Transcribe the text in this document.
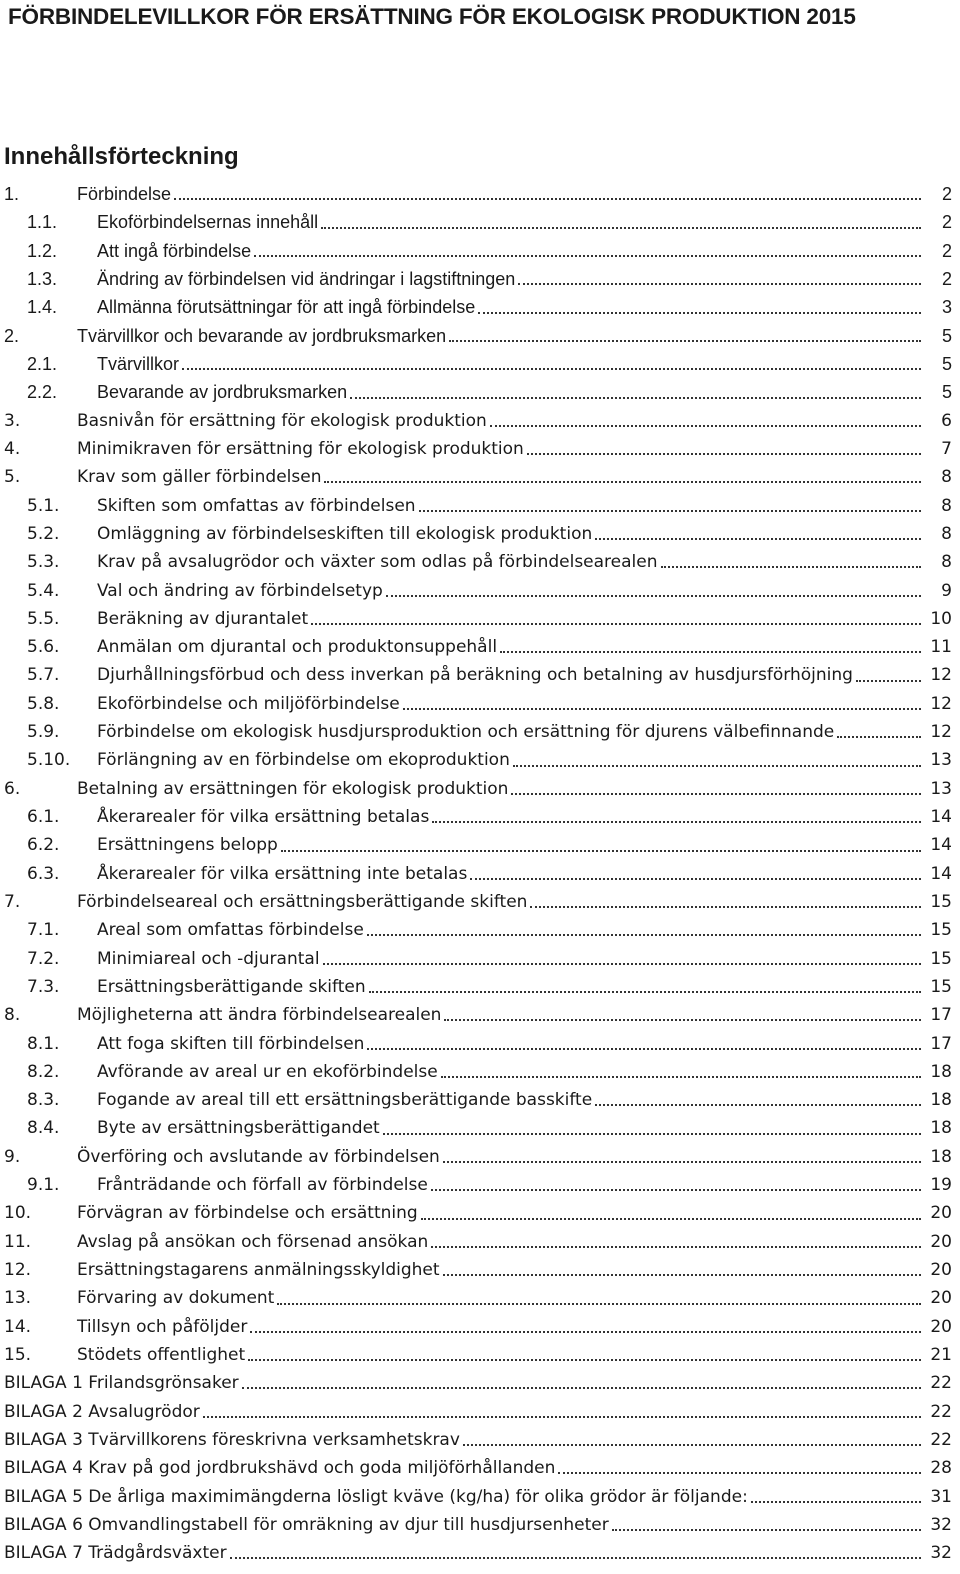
FÖRBINDELEVILLKOR FÖR ERSÄTTNING FÖR EKOLOGISK PRODUKTION 2015
Innehållsförteckning
1.	Förbindelse	2
1.1.	Ekoförbindelsernas innehåll	2
1.2.	Att ingå förbindelse	2
1.3.	Ändring av förbindelsen vid ändringar i lagstiftningen	2
1.4.	Allmänna förutsättningar för att ingå förbindelse	3
2.	Tvärvillkor och bevarande av jordbruksmarken	5
2.1.	Tvärvillkor	5
2.2.	Bevarande av jordbruksmarken	5
3.	Basnivån för ersättning för ekologisk produktion	6
4.	Minimikraven för ersättning för ekologisk produktion	7
5.	Krav som gäller förbindelsen	8
5.1.	Skiften som omfattas av förbindelsen	8
5.2.	Omläggning av förbindelseskiften till ekologisk produktion	8
5.3.	Krav på avsalugrödor och växter som odlas på förbindelsearealen	8
5.4.	Val och ändring av förbindelsetyp	9
5.5.	Beräkning av djurantalet	10
5.6.	Anmälan om djurantal och produktonsuppehåll	11
5.7.	Djurhållningsförbud och dess inverkan på beräkning och betalning av husdjursförhöjning	12
5.8.	Ekoförbindelse och miljöförbindelse	12
5.9.	Förbindelse om ekologisk husdjursproduktion och ersättning för djurens välbefinnande	12
5.10.	Förlängning av en förbindelse om ekoproduktion	13
6.	Betalning av ersättningen för ekologisk produktion	13
6.1.	Åkerarealer för vilka ersättning betalas	14
6.2.	Ersättningens belopp	14
6.3.	Åkerarealer för vilka ersättning inte betalas	14
7.	Förbindelseareal och ersättningsberättigande skiften	15
7.1.	Areal som omfattas förbindelse	15
7.2.	Minimiareal och -djurantal	15
7.3.	Ersättningsberättigande skiften	15
8.	Möjligheterna att ändra förbindelsearealen	17
8.1.	Att foga skiften till förbindelsen	17
8.2.	Avförande av areal ur en ekoförbindelse	18
8.3.	Fogande av areal till ett ersättningsberättigande basskifte	18
8.4.	Byte av ersättningsberättigandet	18
9.	Överföring och avslutande av förbindelsen	18
9.1.	Frånträdande och förfall av förbindelse	19
10.	Förvägran av förbindelse och ersättning	20
11.	Avslag på ansökan och försenad ansökan	20
12.	Ersättningstagarens anmälningsskyldighet	20
13.	Förvaring av dokument	20
14.	Tillsyn och påföljder	20
15.	Stödets offentlighet	21
BILAGA 1 Frilandsgrönsaker	22
BILAGA 2 Avsalugrödor	22
BILAGA 3 Tvärvillkorens föreskrivna verksamhetskrav	22
BILAGA 4 Krav på god jordbrukshävd och goda miljöförhållanden	28
BILAGA 5 De årliga maximimängderna lösligt kväve (kg/ha) för olika grödor är följande:	31
BILAGA 6 Omvandlingstabell för omräkning av djur till husdjursenheter	32
BILAGA 7 Trädgårdsväxter	32
